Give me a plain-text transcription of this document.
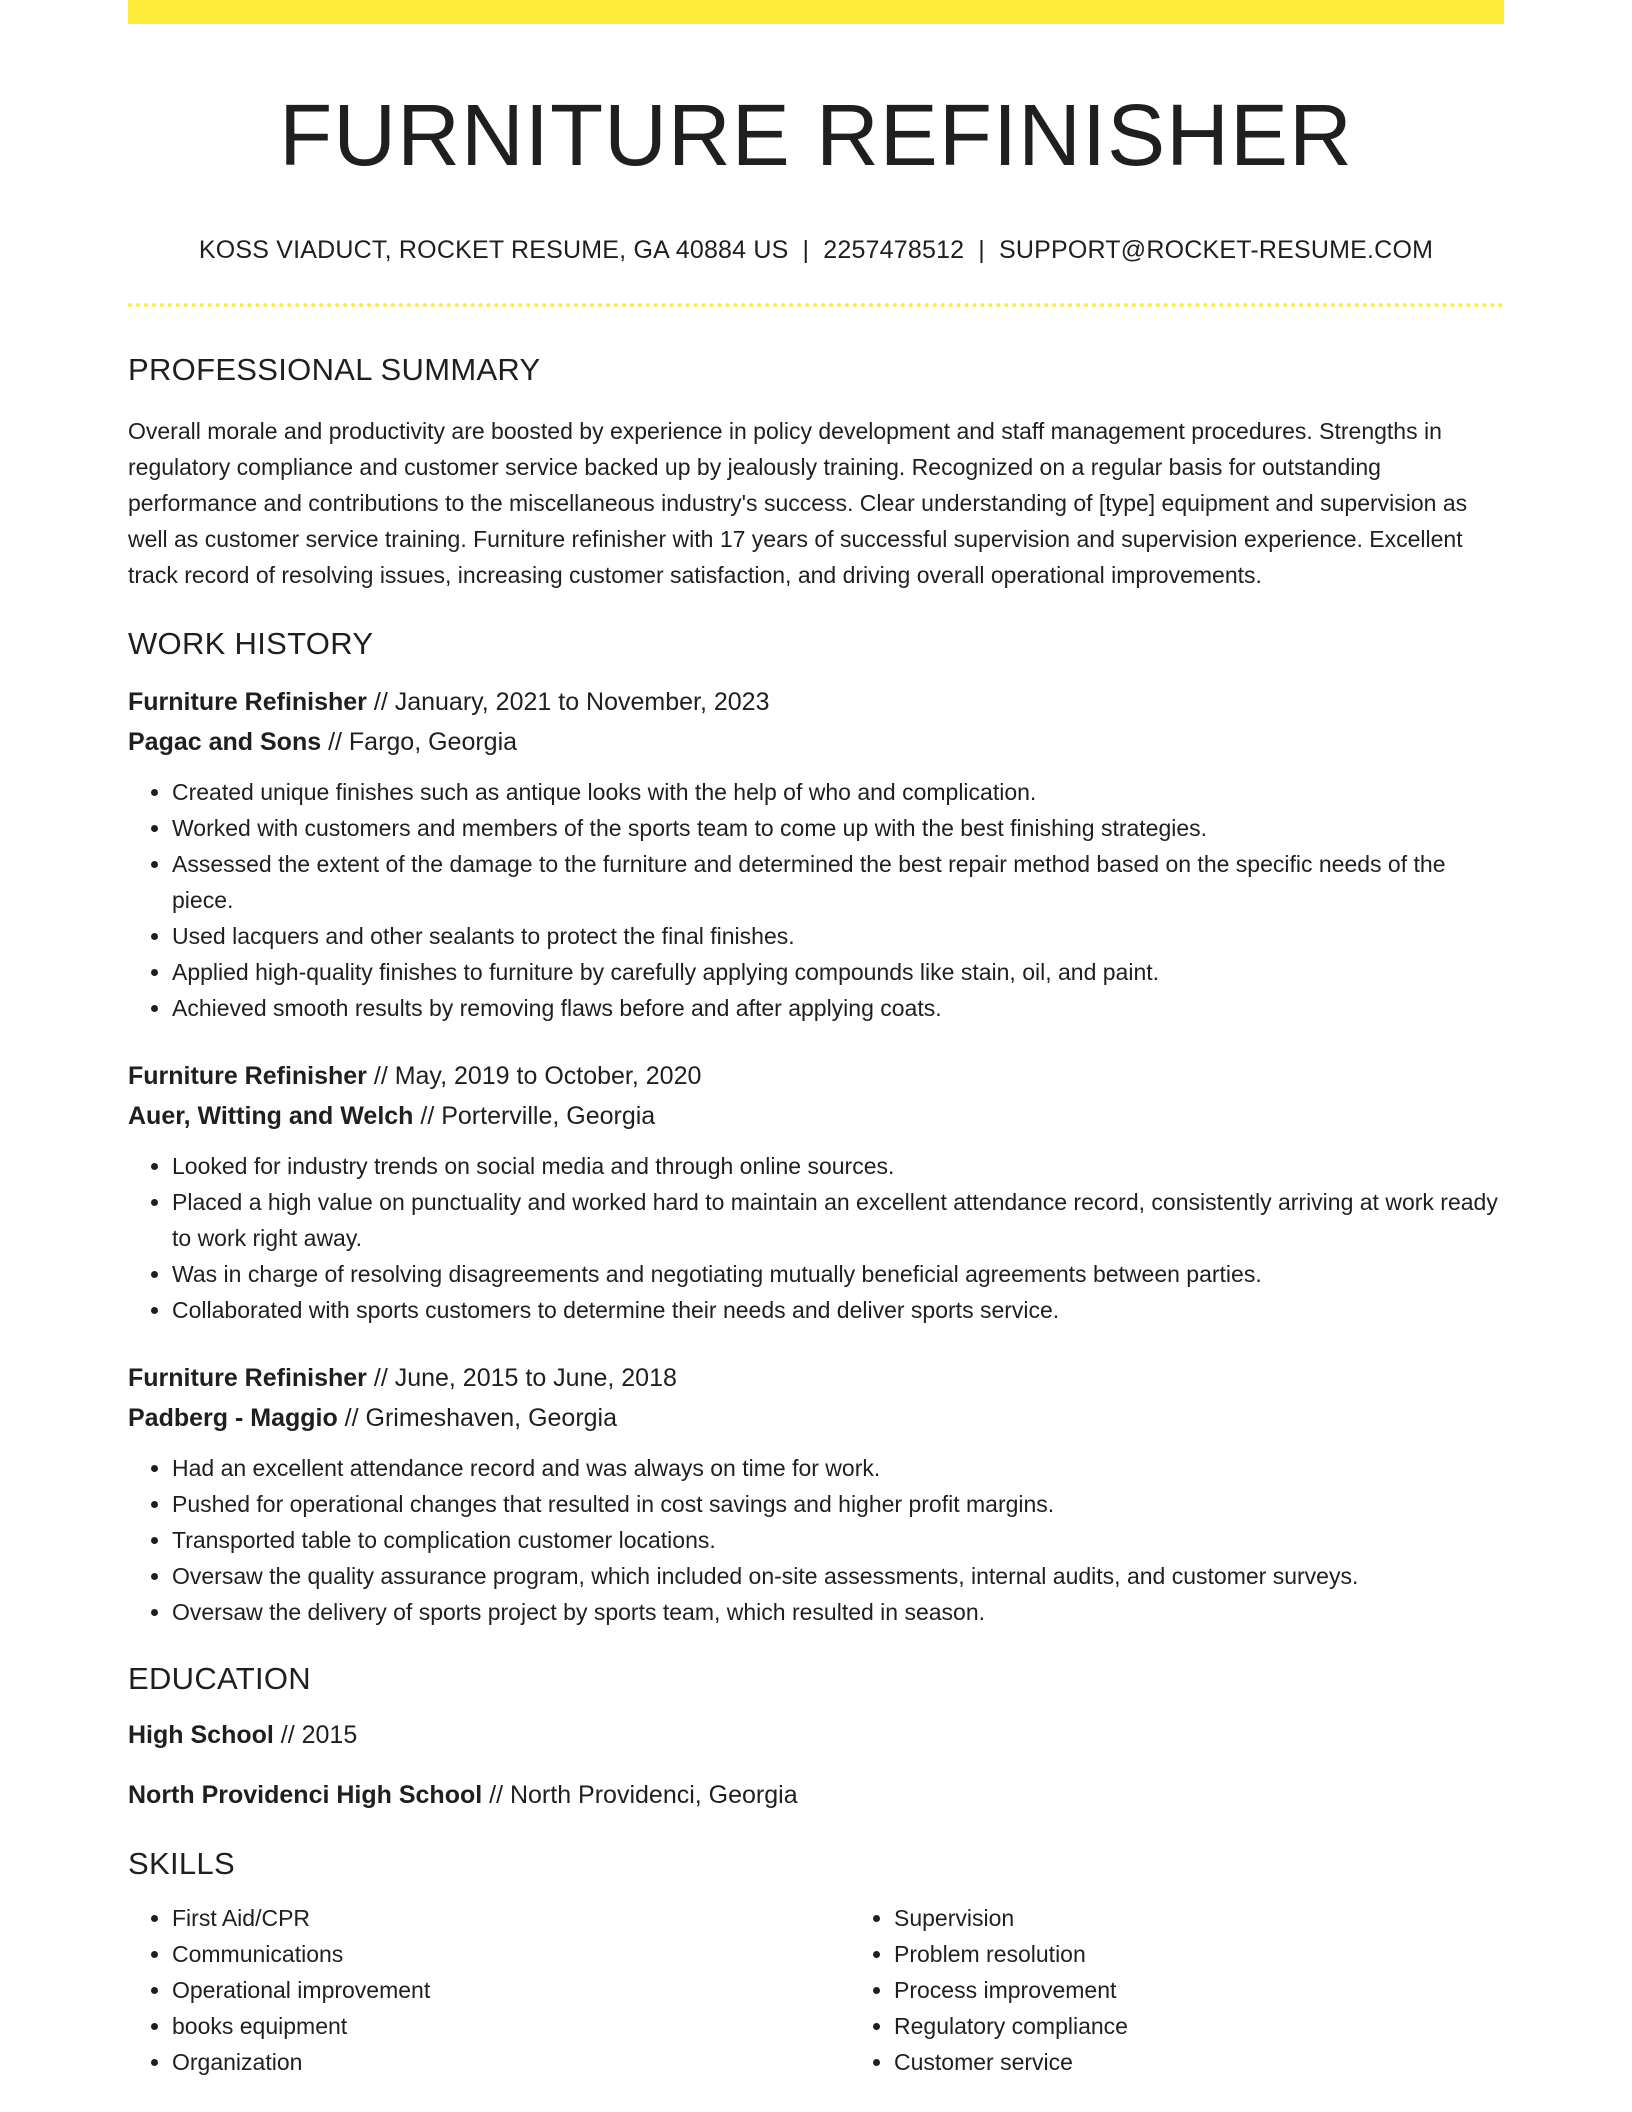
FURNITURE REFINISHER
KOSS VIADUCT, ROCKET RESUME, GA 40884 US | 2257478512 | SUPPORT@ROCKET-RESUME.COM
PROFESSIONAL SUMMARY

Overall morale and productivity are boosted by experience in policy development and staff management procedures. Strengths in regulatory compliance and customer service backed up by jealously training. Recognized on a regular basis for outstanding performance and contributions to the miscellaneous industry's success. Clear understanding of [type] equipment and supervision as well as customer service training. Furniture refinisher with 17 years of successful supervision and supervision experience. Excellent track record of resolving issues, increasing customer satisfaction, and driving overall operational improvements.

WORK HISTORY
Furniture Refinisher // January, 2021 to November, 2023
Pagac and Sons // Fargo, Georgia
• Created unique finishes such as antique looks with the help of who and complication.
• Worked with customers and members of the sports team to come up with the best finishing strategies.
• Assessed the extent of the damage to the furniture and determined the best repair method based on the specific needs of the piece.
• Used lacquers and other sealants to protect the final finishes.
• Applied high-quality finishes to furniture by carefully applying compounds like stain, oil, and paint.
• Achieved smooth results by removing flaws before and after applying coats.
Furniture Refinisher // May, 2019 to October, 2020
Auer, Witting and Welch // Porterville, Georgia
• Looked for industry trends on social media and through online sources.
• Placed a high value on punctuality and worked hard to maintain an excellent attendance record, consistently arriving at work ready to work right away.
• Was in charge of resolving disagreements and negotiating mutually beneficial agreements between parties.
• Collaborated with sports customers to determine their needs and deliver sports service.
Furniture Refinisher // June, 2015 to June, 2018
Padberg - Maggio // Grimeshaven, Georgia
• Had an excellent attendance record and was always on time for work.
• Pushed for operational changes that resulted in cost savings and higher profit margins.
• Transported table to complication customer locations.
• Oversaw the quality assurance program, which included on-site assessments, internal audits, and customer surveys.
• Oversaw the delivery of sports project by sports team, which resulted in season.
EDUCATION
High School // 2015
North Providenci High School // North Providenci, Georgia
SKILLS
• First Aid/CPR
• Communications
• Operational improvement
• books equipment
• Organization
• Supervision
• Problem resolution
• Process improvement
• Regulatory compliance
• Customer service
